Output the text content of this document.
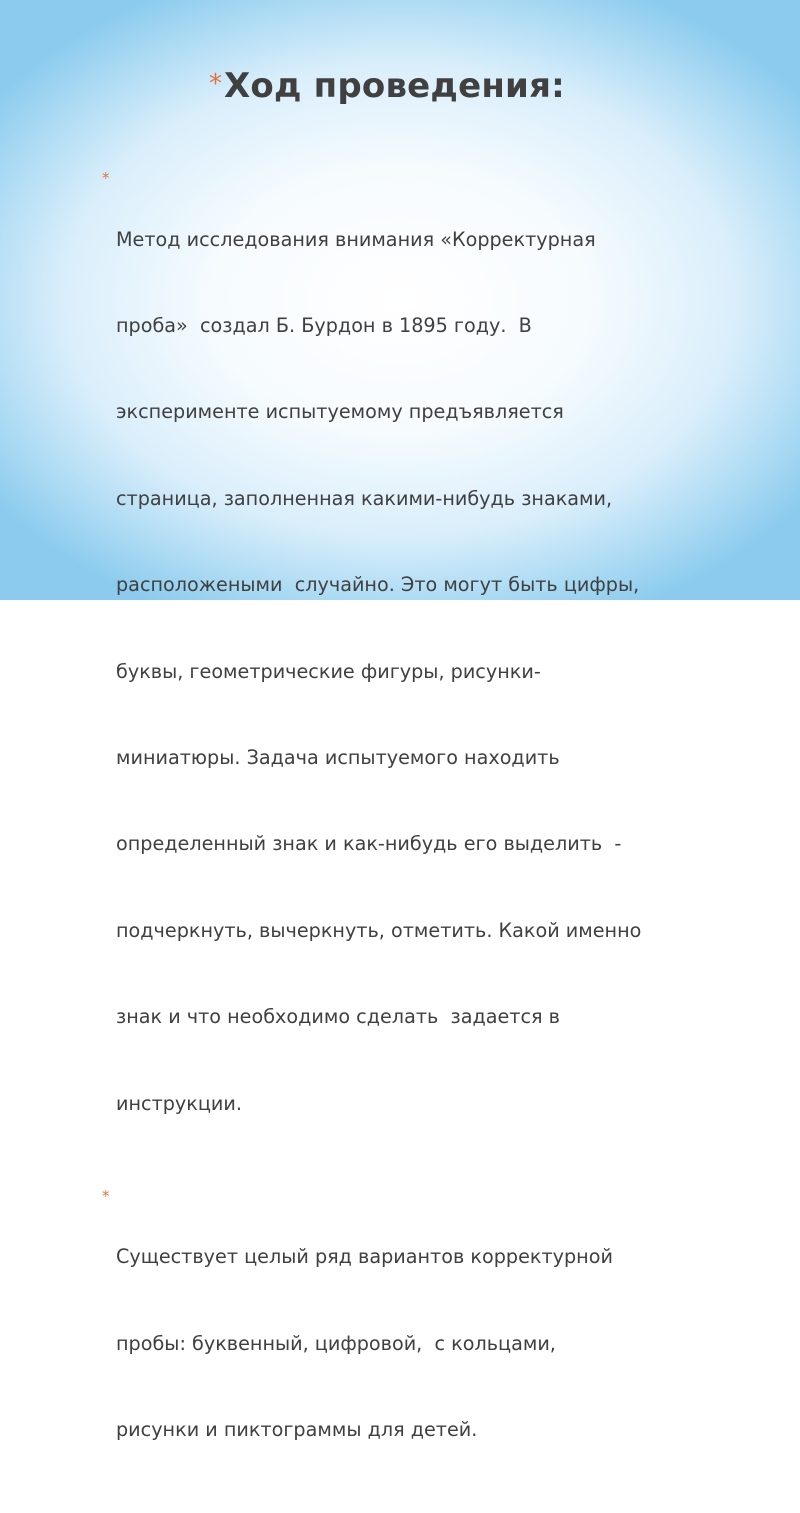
* Ход проведения:
*

Метод исследования внимания «Корректурная

проба»  создал Б. Бурдон в 1895 году.  В

эксперименте испытуемому предъявляется

страница, заполненная какими-нибудь знаками,

расположеными  случайно. Это могут быть цифры,

буквы, геометрические фигуры, рисунки-

миниатюры. Задача испытуемого находить

определенный знак и как-нибудь его выделить  -

подчеркнуть, вычеркнуть, отметить. Какой именно

знак и что необходимо сделать  задается в

инструкции.

*

Существует целый ряд вариантов корректурной

пробы: буквенный, цифровой,  с кольцами,

рисунки и пиктограммы для детей.
